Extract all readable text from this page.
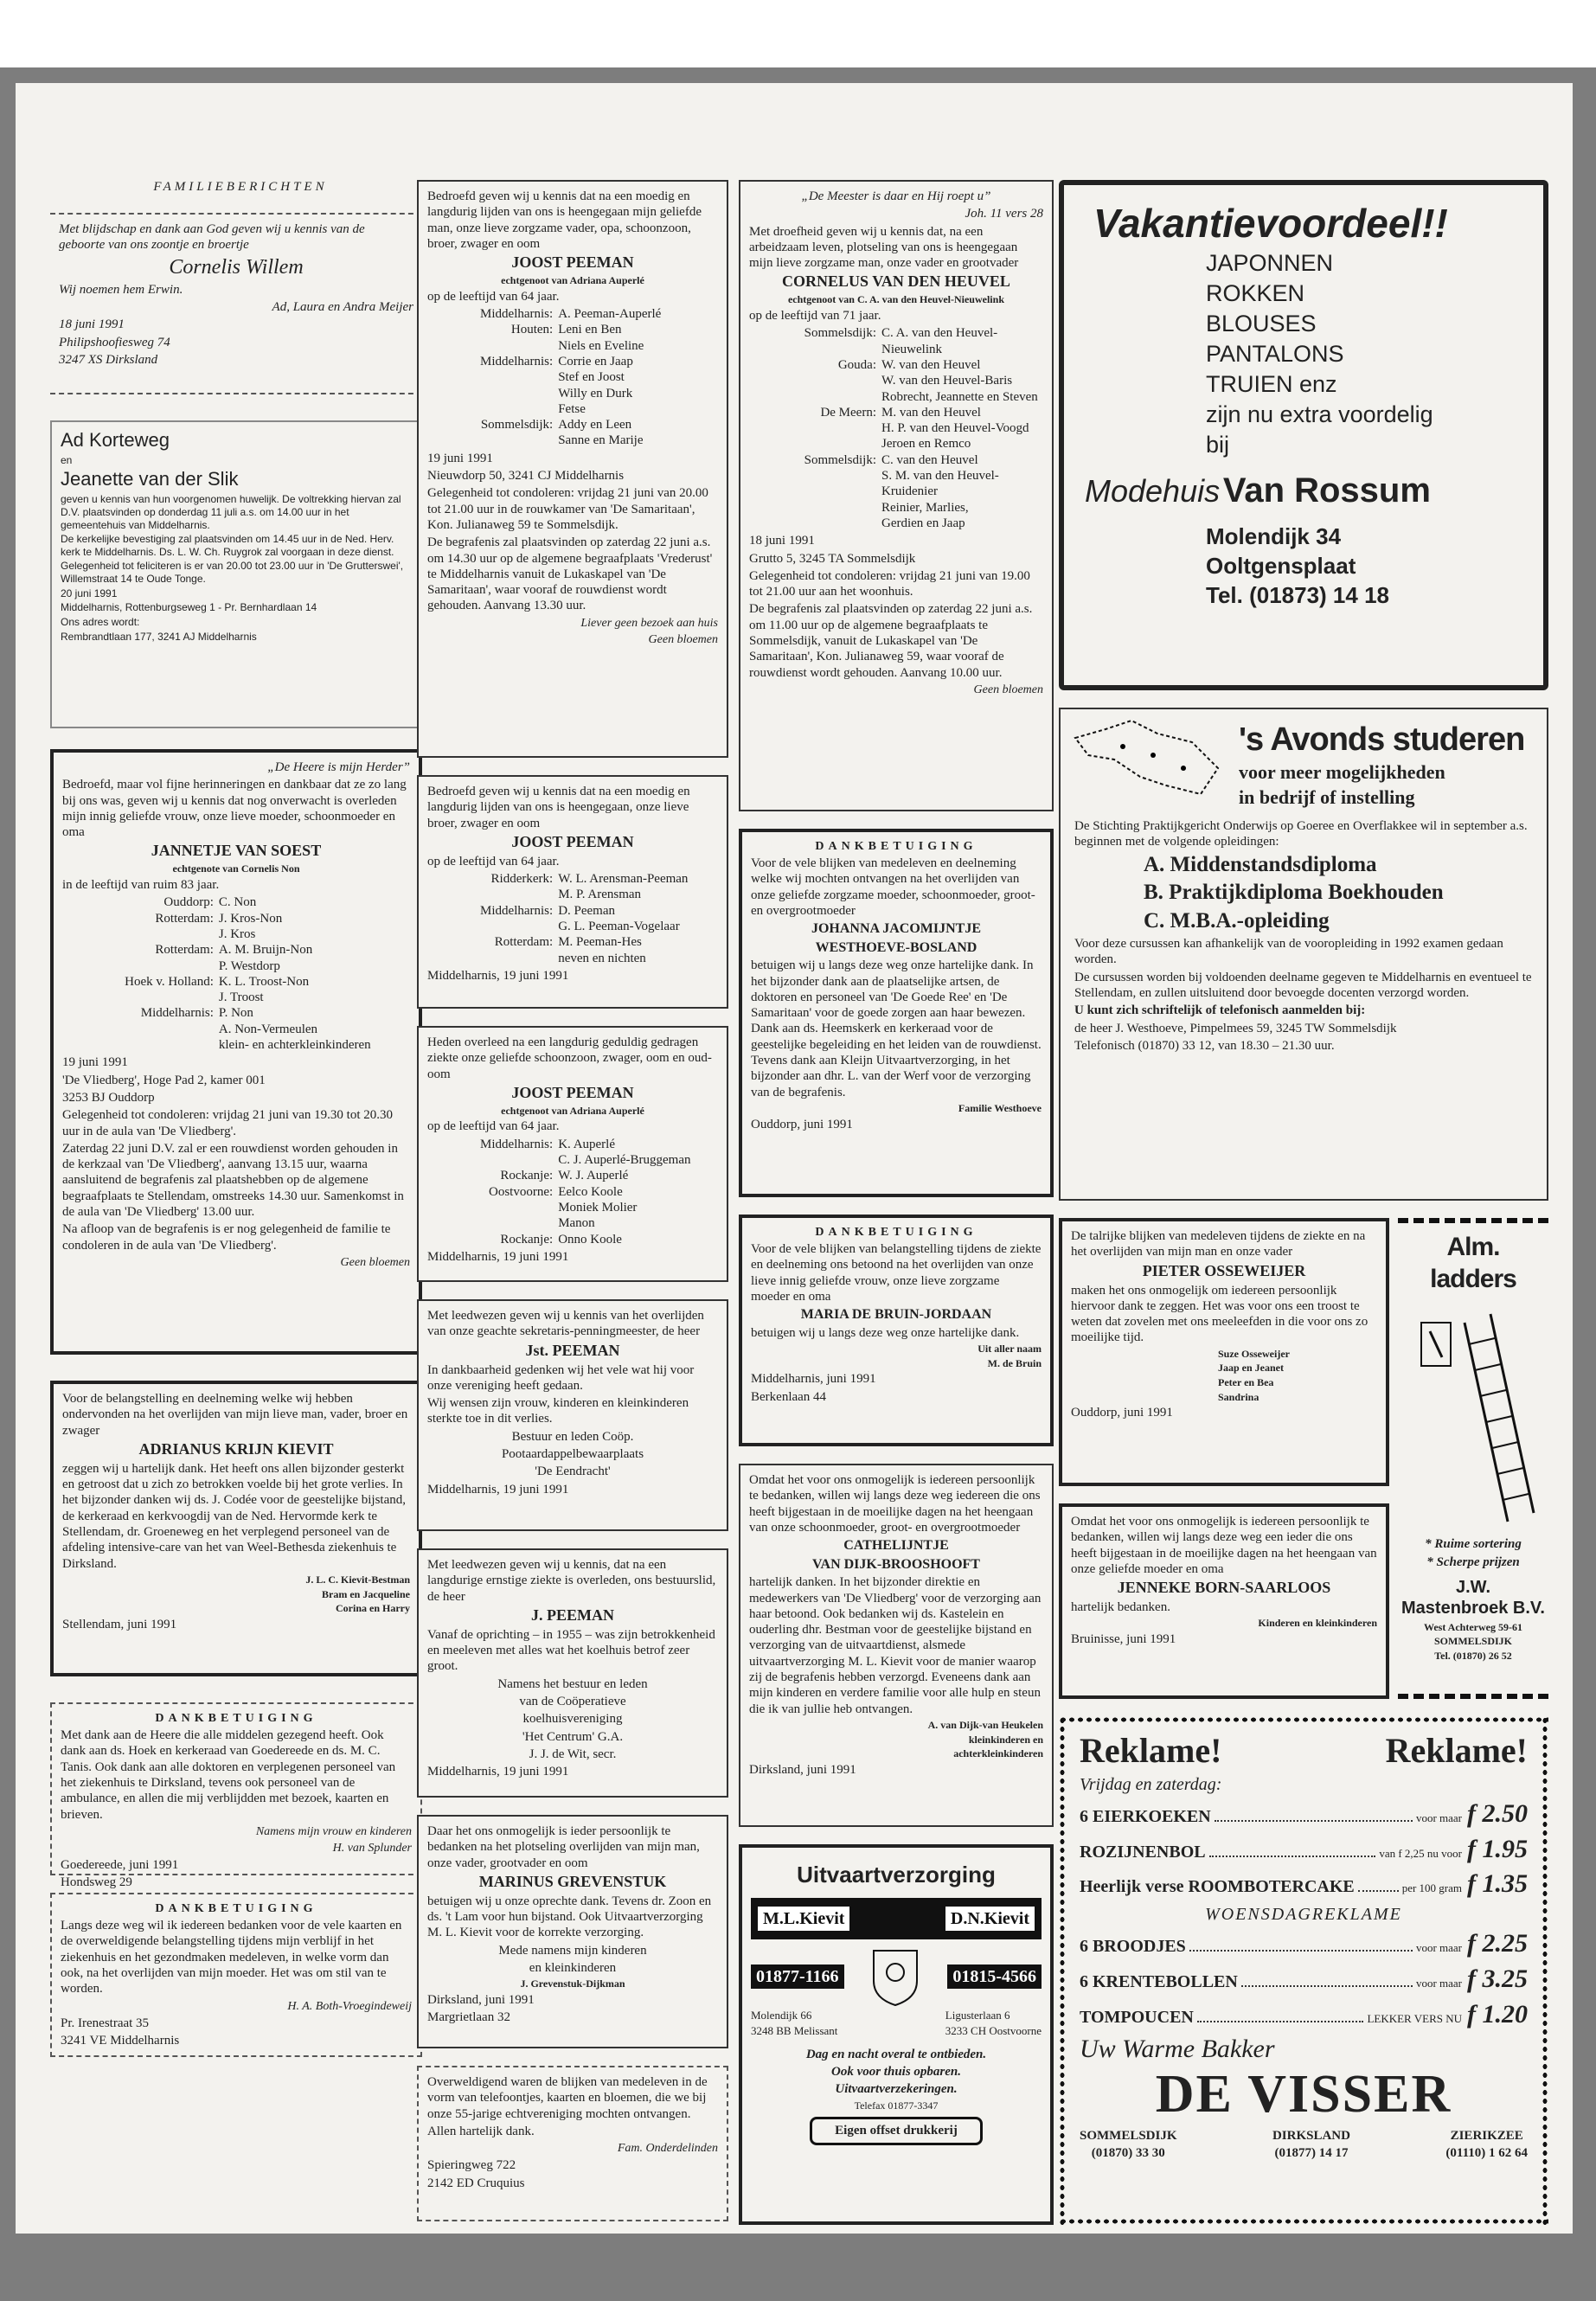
FAMILIEBERICHTEN

Met blijdschap en dank aan God geven wij u kennis van de geboorte van ons zoontje en broertje

Cornelis Willem

Wij noemen hem Erwin.

Ad, Laura en Andra Meijer

18 juni 1991

Philipshoofiesweg 74

3247 XS Dirksland

Ad Korteweg

en

Jeanette van der Slik

geven u kennis van hun voorgenomen huwelijk. De voltrekking hiervan zal D.V. plaatsvinden op donderdag 11 juli a.s. om 14.00 uur in het gemeentehuis van Middelharnis.

De kerkelijke bevestiging zal plaatsvinden om 14.45 uur in de Ned. Herv. kerk te Middelharnis. Ds. L. W. Ch. Ruygrok zal voorgaan in deze dienst.

Gelegenheid tot feliciteren is er van 20.00 tot 23.00 uur in 'De Grutterswei', Willemstraat 14 te Oude Tonge.

20 juni 1991

Middelharnis, Rottenburgseweg 1 - Pr. Bernhardlaan 14

Ons adres wordt:

Rembrandtlaan 177, 3241 AJ Middelharnis

„De Heere is mijn Herder”

Bedroefd, maar vol fijne herinneringen en dankbaar dat ze zo lang bij ons was, geven wij u kennis dat nog onverwacht is overleden mijn innig geliefde vrouw, onze lieve moeder, schoonmoeder en oma

JANNETJE VAN SOEST

echtgenote van Cornelis Non

in de leeftijd van ruim 83 jaar.

Ouddorp: C. Non
Rotterdam: J. Kros-Non
J. Kros
Rotterdam: A. M. Bruijn-Non
P. Westdorp
Hoek v. Holland: K. L. Troost-Non
J. Troost
Middelharnis: P. Non
A. Non-Vermeulen
klein- en achterkleinkinderen

19 juni 1991

'De Vliedberg', Hoge Pad 2, kamer 001

3253 BJ Ouddorp

Gelegenheid tot condoleren: vrijdag 21 juni van 19.30 tot 20.30 uur in de aula van 'De Vliedberg'.

Zaterdag 22 juni D.V. zal er een rouwdienst worden gehouden in de kerkzaal van 'De Vliedberg', aanvang 13.15 uur, waarna aansluitend de begrafenis zal plaatshebben op de algemene begraafplaats te Stellendam, omstreeks 14.30 uur. Samenkomst in de aula van 'De Vliedberg' 13.00 uur.

Na afloop van de begrafenis is er nog gelegenheid de familie te condoleren in de aula van 'De Vliedberg'.

Geen bloemen

Voor de belangstelling en deelneming welke wij hebben ondervonden na het overlijden van mijn lieve man, vader, broer en zwager

ADRIANUS KRIJN KIEVIT

zeggen wij u hartelijk dank. Het heeft ons allen bijzonder gesterkt en getroost dat u zich zo betrokken voelde bij het grote verlies. In het bijzonder danken wij ds. J. Codée voor de geestelijke bijstand, de kerkeraad en kerkvoogdij van de Ned. Hervormde kerk te Stellendam, dr. Groeneweg en het verplegend personeel van de afdeling intensive-care van het van Weel-Bethesda ziekenhuis te Dirksland.

J. L. C. Kievit-Bestman

Bram en Jacqueline

Corina en Harry

Stellendam, juni 1991

DANKBETUIGING

Met dank aan de Heere die alle middelen gezegend heeft. Ook dank aan ds. Hoek en kerkeraad van Goedereede en ds. M. C. Tanis. Ook dank aan alle doktoren en verplegenen personeel van het ziekenhuis te Dirksland, tevens ook personeel van de ambulance, en allen die mij verblijdden met bezoek, kaarten en brieven.

Namens mijn vrouw en kinderen

H. van Splunder

Goedereede, juni 1991

Hondsweg 29

DANKBETUIGING

Langs deze weg wil ik iedereen bedanken voor de vele kaarten en de overweldigende belangstelling tijdens mijn verblijf in het ziekenhuis en het gezondmaken medeleven, in welke vorm dan ook, na het overlijden van mijn moeder. Het was om stil van te worden.

H. A. Both-Vroegindeweij

Pr. Irenestraat 35

3241 VE Middelharnis

Bedroefd geven wij u kennis dat na een moedig en langdurig lijden van ons is heengegaan mijn geliefde man, onze lieve zorgzame vader, opa, schoonzoon, broer, zwager en oom

JOOST PEEMAN

echtgenoot van Adriana Auperlé

op de leeftijd van 64 jaar.

Middelharnis: A. Peeman-Auperlé
Houten: Leni en Ben
Niels en Eveline
Middelharnis: Corrie en Jaap
Stef en Joost
Willy en Durk
Fetse
Sommelsdijk: Addy en Leen
Sanne en Marije

19 juni 1991

Nieuwdorp 50, 3241 CJ Middelharnis

Gelegenheid tot condoleren: vrijdag 21 juni van 20.00 tot 21.00 uur in de rouwkamer van 'De Samaritaan', Kon. Julianaweg 59 te Sommelsdijk.

De begrafenis zal plaatsvinden op zaterdag 22 juni a.s. om 14.30 uur op de algemene begraafplaats 'Vrederust' te Middelharnis vanuit de Lukaskapel van 'De Samaritaan', waar vooraf de rouwdienst wordt gehouden. Aanvang 13.30 uur.

Liever geen bezoek aan huis

Geen bloemen

Bedroefd geven wij u kennis dat na een moedig en langdurig lijden van ons is heengegaan, onze lieve broer, zwager en oom

JOOST PEEMAN

op de leeftijd van 64 jaar.

Ridderkerk: W. L. Arensman-Peeman
M. P. Arensman
Middelharnis: D. Peeman
G. L. Peeman-Vogelaar
Rotterdam: M. Peeman-Hes
neven en nichten

Middelharnis, 19 juni 1991

Heden overleed na een langdurig geduldig gedragen ziekte onze geliefde schoonzoon, zwager, oom en oud-oom

JOOST PEEMAN

echtgenoot van Adriana Auperlé

op de leeftijd van 64 jaar.

Middelharnis: K. Auperlé
C. J. Auperlé-Bruggeman
Rockanje: W. J. Auperlé
Oostvoorne: Eelco Koole
Moniek Molier
Manon
Rockanje: Onno Koole

Middelharnis, 19 juni 1991

Met leedwezen geven wij u kennis van het overlijden van onze geachte sekretaris-penningmeester, de heer

Jst. PEEMAN

In dankbaarheid gedenken wij het vele wat hij voor onze vereniging heeft gedaan.

Wij wensen zijn vrouw, kinderen en kleinkinderen sterkte toe in dit verlies.

Bestuur en leden Coöp.

Pootaardappelbewaarplaats

'De Eendracht'

Middelharnis, 19 juni 1991

Met leedwezen geven wij u kennis, dat na een langdurige ernstige ziekte is overleden, ons bestuurslid, de heer

J. PEEMAN

Vanaf de oprichting – in 1955 – was zijn betrokkenheid en meeleven met alles wat het koelhuis betrof zeer groot.

Namens het bestuur en leden

van de Coöperatieve

koelhuisvereniging

'Het Centrum' G.A.

J. J. de Wit, secr.

Middelharnis, 19 juni 1991

Daar het ons onmogelijk is ieder persoonlijk te bedanken na het plotseling overlijden van mijn man, onze vader, grootvader en oom

MARINUS GREVENSTUK

betuigen wij u onze oprechte dank. Tevens dr. Zoon en ds. 't Lam voor hun bijstand. Ook Uitvaartverzorging M. L. Kievit voor de korrekte verzorging.

Mede namens mijn kinderen

en kleinkinderen

J. Grevenstuk-Dijkman

Dirksland, juni 1991

Margrietlaan 32

Overweldigend waren de blijken van medeleven in de vorm van telefoontjes, kaarten en bloemen, die we bij onze 55-jarige echtvereniging mochten ontvangen.

Allen hartelijk dank.

Fam. Onderdelinden

Spieringweg 722

2142 ED Cruquius

„De Meester is daar en Hij roept u”

Joh. 11 vers 28

Met droefheid geven wij u kennis dat, na een arbeidzaam leven, plotseling van ons is heengegaan mijn lieve zorgzame man, onze vader en grootvader

CORNELUS VAN DEN HEUVEL

echtgenoot van C. A. van den Heuvel-Nieuwelink

op de leeftijd van 71 jaar.

Sommelsdijk: C. A. van den Heuvel-
Nieuwelink
Gouda: W. van den Heuvel
W. van den Heuvel-Baris
Robrecht, Jeannette en Steven
De Meern: M. van den Heuvel
H. P. van den Heuvel-Voogd
Jeroen en Remco
Sommelsdijk: C. van den Heuvel
S. M. van den Heuvel-
Kruidenier
Reinier, Marlies,
Gerdien en Jaap

18 juni 1991

Grutto 5, 3245 TA Sommelsdijk

Gelegenheid tot condoleren: vrijdag 21 juni van 19.00 tot 21.00 uur aan het woonhuis.

De begrafenis zal plaatsvinden op zaterdag 22 juni a.s. om 11.00 uur op de algemene begraafplaats te Sommelsdijk, vanuit de Lukaskapel van 'De Samaritaan', Kon. Julianaweg 59, waar vooraf de rouwdienst wordt gehouden. Aanvang 10.00 uur.

Geen bloemen

DANKBETUIGING

Voor de vele blijken van medeleven en deelneming welke wij mochten ontvangen na het overlijden van onze geliefde zorgzame moeder, schoonmoeder, groot- en overgrootmoeder

JOHANNA JACOMIJNTJE

WESTHOEVE-BOSLAND

betuigen wij u langs deze weg onze hartelijke dank. In het bijzonder dank aan de plaatselijke artsen, de doktoren en personeel van 'De Goede Ree' en 'De Samaritaan' voor de goede zorgen aan haar bewezen. Dank aan ds. Heemskerk en kerkeraad voor de geestelijke begeleiding en het leiden van de rouwdienst. Tevens dank aan Kleijn Uitvaartverzorging, in het bijzonder aan dhr. L. van der Werf voor de verzorging van de begrafenis.

Familie Westhoeve

Ouddorp, juni 1991

DANKBETUIGING

Voor de vele blijken van belangstelling tijdens de ziekte en deelneming ons betoond na het overlijden van onze lieve innig geliefde vrouw, onze lieve zorgzame moeder en oma

MARIA DE BRUIN-JORDAAN

betuigen wij u langs deze weg onze hartelijke dank.

Uit aller naam

M. de Bruin

Middelharnis, juni 1991

Berkenlaan 44

Omdat het voor ons onmogelijk is iedereen persoonlijk te bedanken, willen wij langs deze weg iedereen die ons heeft bijgestaan in de moeilijke dagen na het heengaan van onze schoonmoeder, groot- en overgrootmoeder

CATHELIJNTJE

VAN DIJK-BROOSHOOFT

hartelijk danken. In het bijzonder direktie en medewerkers van 'De Vliedberg' voor de verzorging aan haar betoond. Ook bedanken wij ds. Kastelein en ouderling dhr. Bestman voor de geestelijke bijstand en verzorging van de uitvaartdienst, alsmede uitvaartverzorging M. L. Kievit voor de manier waarop zij de begrafenis hebben verzorgd. Eveneens dank aan mijn kinderen en verdere familie voor alle hulp en steun die ik van jullie heb ontvangen.

A. van Dijk-van Heukelen

kleinkinderen en

achterkleinkinderen

Dirksland, juni 1991

Uitvaartverzorging

M.L.Kievit	D.N.Kievit
01877-1166	01815-4566

Molendijk 66

3248 BB Melissant

Ligusterlaan 6

3233 CH Oostvoorne

Dag en nacht overal te ontbieden.

Ook voor thuis opbaren.

Uitvaartverzekeringen.

Telefax 01877-3347

Eigen offset drukkerij

Vakantievoordeel!!

JAPONNEN

ROKKEN

BLOUSES

PANTALONS

TRUIEN enz

zijn nu extra voordelig

bij

Modehuis Van Rossum

Molendijk 34

Ooltgensplaat

Tel. (01873) 14 18

's Avonds studeren

voor meer mogelijkheden

in bedrijf of instelling

De Stichting Praktijkgericht Onderwijs op Goeree en Overflakkee wil in september a.s. beginnen met de volgende opleidingen:

A. Middenstandsdiploma

B. Praktijkdiploma Boekhouden

C. M.B.A.-opleiding

Voor deze cursussen kan afhankelijk van de vooropleiding in 1992 examen gedaan worden.

De cursussen worden bij voldoenden deelname gegeven te Middelharnis en eventueel te Stellendam, en zullen uitsluitend door bevoegde docenten verzorgd worden.

U kunt zich schriftelijk of telefonisch aanmelden bij:

de heer J. Westhoeve, Pimpelmees 59, 3245 TW Sommelsdijk

Telefonisch (01870) 33 12, van 18.30 – 21.30 uur.

De talrijke blijken van medeleven tijdens de ziekte en na het overlijden van mijn man en onze vader

PIETER OSSEWEIJER

maken het ons onmogelijk om iedereen persoonlijk hiervoor dank te zeggen. Het was voor ons een troost te weten dat zovelen met ons meeleefden in die voor ons zo moeilijke tijd.

Suze Osseweijer

Jaap en Jeanet

Peter en Bea

Sandrina

Ouddorp, juni 1991

Omdat het voor ons onmogelijk is iedereen persoonlijk te bedanken, willen wij langs deze weg een ieder die ons heeft bijgestaan in de moeilijke dagen na het heengaan van onze geliefde moeder en oma

JENNEKE BORN-SAARLOOS

hartelijk bedanken.

Kinderen en kleinkinderen

Bruinisse, juni 1991

Alm. ladders

* Ruime sortering

* Scherpe prijzen

J.W. Mastenbroek B.V.

West Achterweg 59-61

SOMMELSDIJK

Tel. (01870) 26 52

Reklame!	Reklame!

Vrijdag en zaterdag:

6 EIERKOEKEN	voor maar f 2.50
ROZIJNENBOL	van f 2,25 nu voor f 1.95
Heerlijk verse ROOMBOTERCAKE	per 100 gram f 1.35

WOENSDAGREKLAME

6 BROODJES	voor maar f 2.25
6 KRENTEBOLLEN	voor maar f 3.25
TOMPOUCEN	LEKKER VERS NU f 1.20

Uw Warme Bakker

DE VISSER

SOMMELSDIJK

(01870) 33 30

DIRKSLAND

(01877) 14 17

ZIERIKZEE

(01110) 1 62 64
